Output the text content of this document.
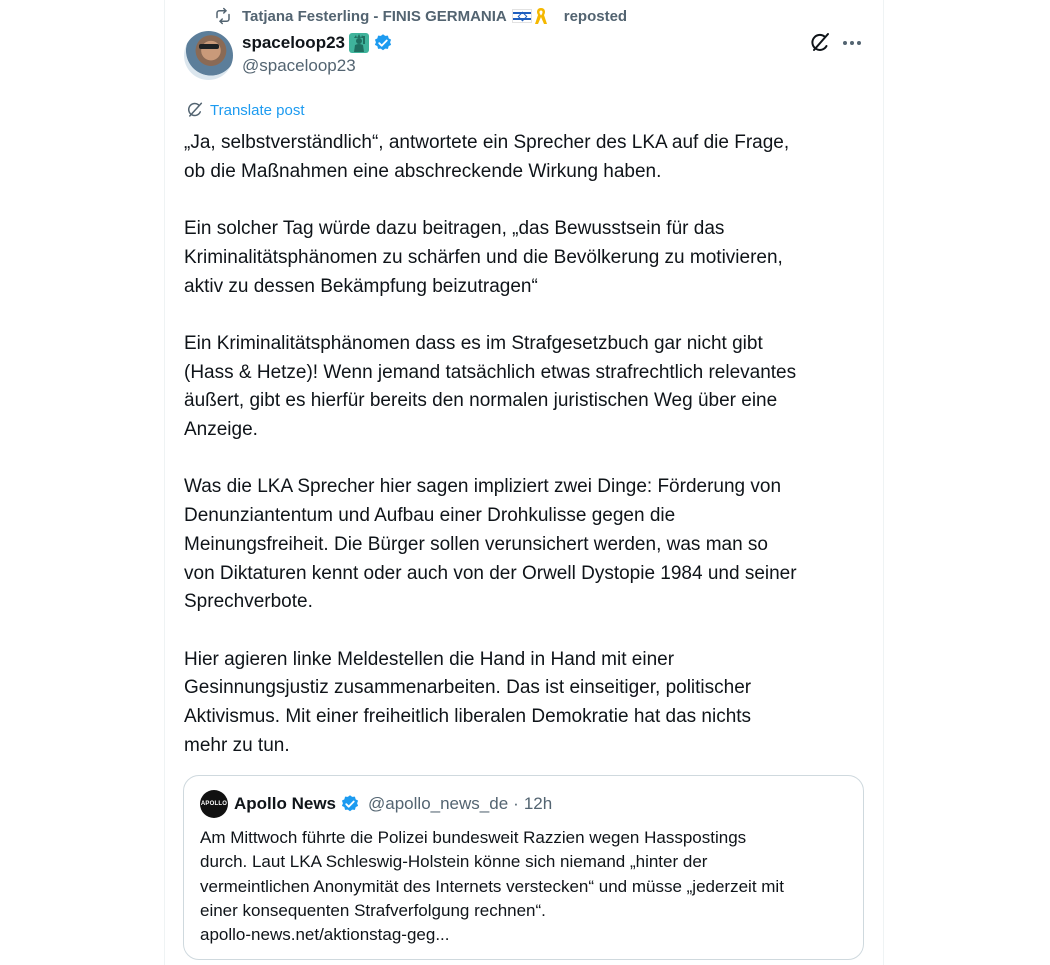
Tatjana Festerling - FINIS GERMANIA	reposted
spaceloop23
@spaceloop23
Translate post

„Ja, selbstverständlich“, antwortete ein Sprecher des LKA auf die Frage,
ob die Maßnahmen eine abschreckende Wirkung haben.

Ein solcher Tag würde dazu beitragen, „das Bewusstsein für das
Kriminalitätsphänomen zu schärfen und die Bevölkerung zu motivieren,
aktiv zu dessen Bekämpfung beizutragen“

Ein Kriminalitätsphänomen dass es im Strafgesetzbuch gar nicht gibt
(Hass & Hetze)! Wenn jemand tatsächlich etwas strafrechtlich relevantes
äußert, gibt es hierfür bereits den normalen juristischen Weg über eine
Anzeige.

Was die LKA Sprecher hier sagen impliziert zwei Dinge: Förderung von
Denunziantentum und Aufbau einer Drohkulisse gegen die
Meinungsfreiheit. Die Bürger sollen verunsichert werden, was man so
von Diktaturen kennt oder auch von der Orwell Dystopie 1984 und seiner
Sprechverbote.

Hier agieren linke Meldestellen die Hand in Hand mit einer
Gesinnungsjustiz zusammenarbeiten. Das ist einseitiger, politischer
Aktivismus. Mit einer freiheitlich liberalen Demokratie hat das nichts
mehr zu tun.

APOLLO Apollo News @apollo_news_de · 12h
Am Mittwoch führte die Polizei bundesweit Razzien wegen Hasspostings
durch. Laut LKA Schleswig-Holstein könne sich niemand „hinter der
vermeintlichen Anonymität des Internets verstecken“ und müsse „jederzeit mit
einer konsequenten Strafverfolgung rechnen“.
apollo-news.net/aktionstag-geg...
